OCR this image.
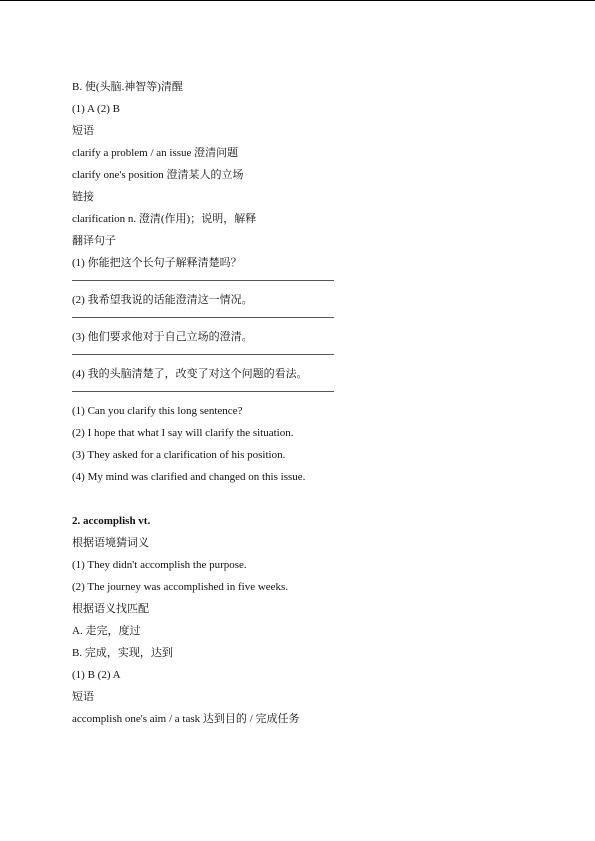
B. 使(头脑.神智等)清醒
(1) A (2) B
短语
clarify a problem / an issue 澄清问题
clarify one's position 澄清某人的立场
链接
clarification n. 澄清(作用)；说明，解释
翻译句子
(1) 你能把这个长句子解释清楚吗？
(2) 我希望我说的话能澄清这一情况。
(3) 他们要求他对于自己立场的澄清。
(4) 我的头脑清楚了，改变了对这个问题的看法。
(1) Can you clarify this long sentence?
(2) I hope that what I say will clarify the situation.
(3) They asked for a clarification of his position.
(4) My mind was clarified and changed on this issue.
2. accomplish vt.
根据语境猜词义
(1) They didn't accomplish the purpose.
(2) The journey was accomplished in five weeks.
根据语义找匹配
A. 走完，度过
B. 完成，实现，达到
(1) B (2) A
短语
accomplish one's aim / a task 达到目的 / 完成任务
